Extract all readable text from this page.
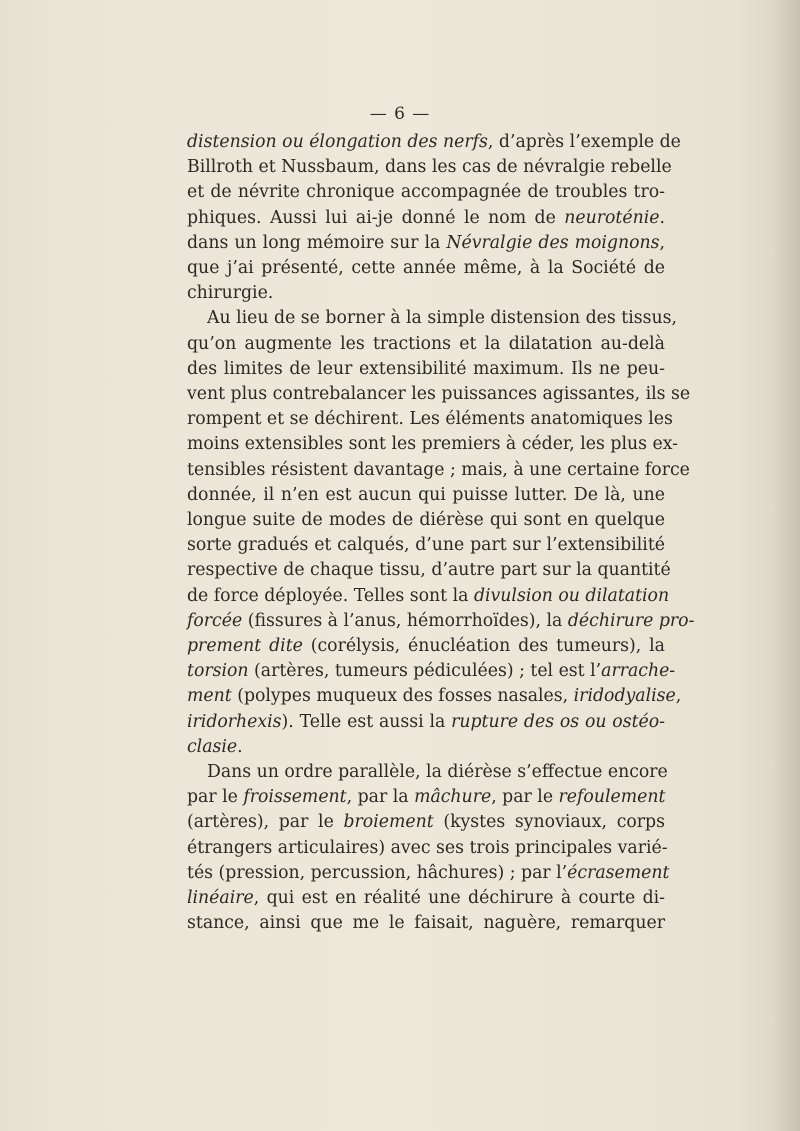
— 6 —
distension ou élongation des nerfs, d’après l’exemple de
Billroth et Nussbaum, dans les cas de névralgie rebelle
et de névrite chronique accompagnée de troubles tro-
phiques. Aussi lui ai-je donné le nom de neuroténie.
dans un long mémoire sur la Névralgie des moignons,
que j’ai présenté, cette année même, à la Société de
chirurgie.
Au lieu de se borner à la simple distension des tissus,
qu’on augmente les tractions et la dilatation au-delà
des limites de leur extensibilité maximum. Ils ne peu-
vent plus contrebalancer les puissances agissantes, ils se
rompent et se déchirent. Les éléments anatomiques les
moins extensibles sont les premiers à céder, les plus ex-
tensibles résistent davantage ; mais, à une certaine force
donnée, il n’en est aucun qui puisse lutter. De là, une
longue suite de modes de diérèse qui sont en quelque
sorte gradués et calqués, d’une part sur l’extensibilité
respective de chaque tissu, d’autre part sur la quantité
de force déployée. Telles sont la divulsion ou dilatation
forcée (fissures à l’anus, hémorrhoïdes), la déchirure pro-
prement dite (corélysis, énucléation des tumeurs), la
torsion (artères, tumeurs pédiculées) ; tel est l’arrache-
ment (polypes muqueux des fosses nasales, iridodyalise,
iridorhexis). Telle est aussi la rupture des os ou ostéo-
clasie.
Dans un ordre parallèle, la diérèse s’effectue encore
par le froissement, par la mâchure, par le refoulement
(artères), par le broiement (kystes synoviaux, corps
étrangers articulaires) avec ses trois principales varié-
tés (pression, percussion, hâchures) ; par l’écrasement
linéaire, qui est en réalité une déchirure à courte di-
stance, ainsi que me le faisait, naguère, remarquer
